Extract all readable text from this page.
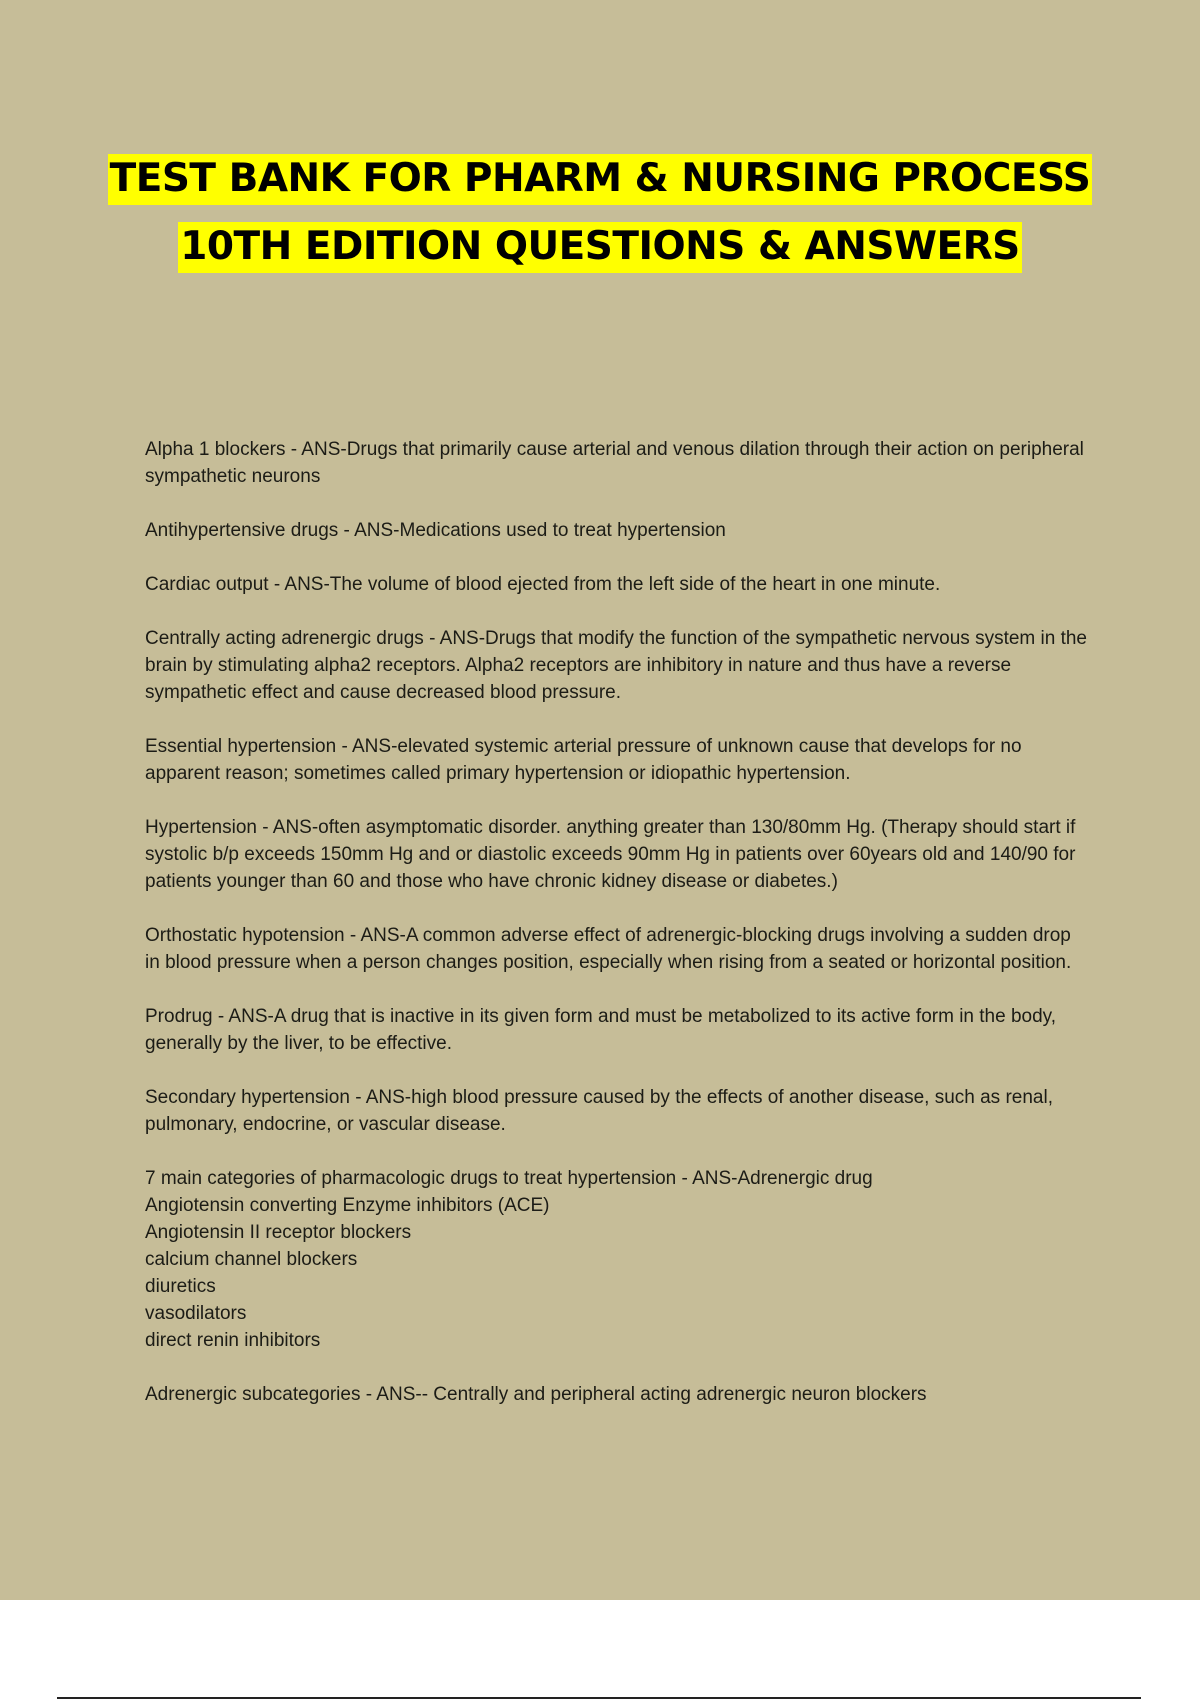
TEST BANK FOR PHARM & NURSING PROCESS
10TH EDITION QUESTIONS & ANSWERS

Alpha 1 blockers - ANS-Drugs that primarily cause arterial and venous dilation through their action on peripheral sympathetic neurons

Antihypertensive drugs - ANS-Medications used to treat hypertension

Cardiac output - ANS-The volume of blood ejected from the left side of the heart in one minute.

Centrally acting adrenergic drugs - ANS-Drugs that modify the function of the sympathetic nervous system in the brain by stimulating alpha2 receptors. Alpha2 receptors are inhibitory in nature and thus have a reverse sympathetic effect and cause decreased blood pressure.

Essential hypertension - ANS-elevated systemic arterial pressure of unknown cause that develops for no apparent reason; sometimes called primary hypertension or idiopathic hypertension.

Hypertension - ANS-often asymptomatic disorder. anything greater than 130/80mm Hg. (Therapy should start if systolic b/p exceeds 150mm Hg and or diastolic exceeds 90mm Hg in patients over 60years old and 140/90 for patients younger than 60 and those who have chronic kidney disease or diabetes.)

Orthostatic hypotension - ANS-A common adverse effect of adrenergic-blocking drugs involving a sudden drop in blood pressure when a person changes position, especially when rising from a seated or horizontal position.

Prodrug - ANS-A drug that is inactive in its given form and must be metabolized to its active form in the body, generally by the liver, to be effective.

Secondary hypertension - ANS-high blood pressure caused by the effects of another disease, such as renal, pulmonary, endocrine, or vascular disease.

7 main categories of pharmacologic drugs to treat hypertension - ANS-Adrenergic drug
Angiotensin converting Enzyme inhibitors (ACE)
Angiotensin II receptor blockers
calcium channel blockers
diuretics
vasodilators
direct renin inhibitors

Adrenergic subcategories - ANS-- Centrally and peripheral acting adrenergic neuron blockers
